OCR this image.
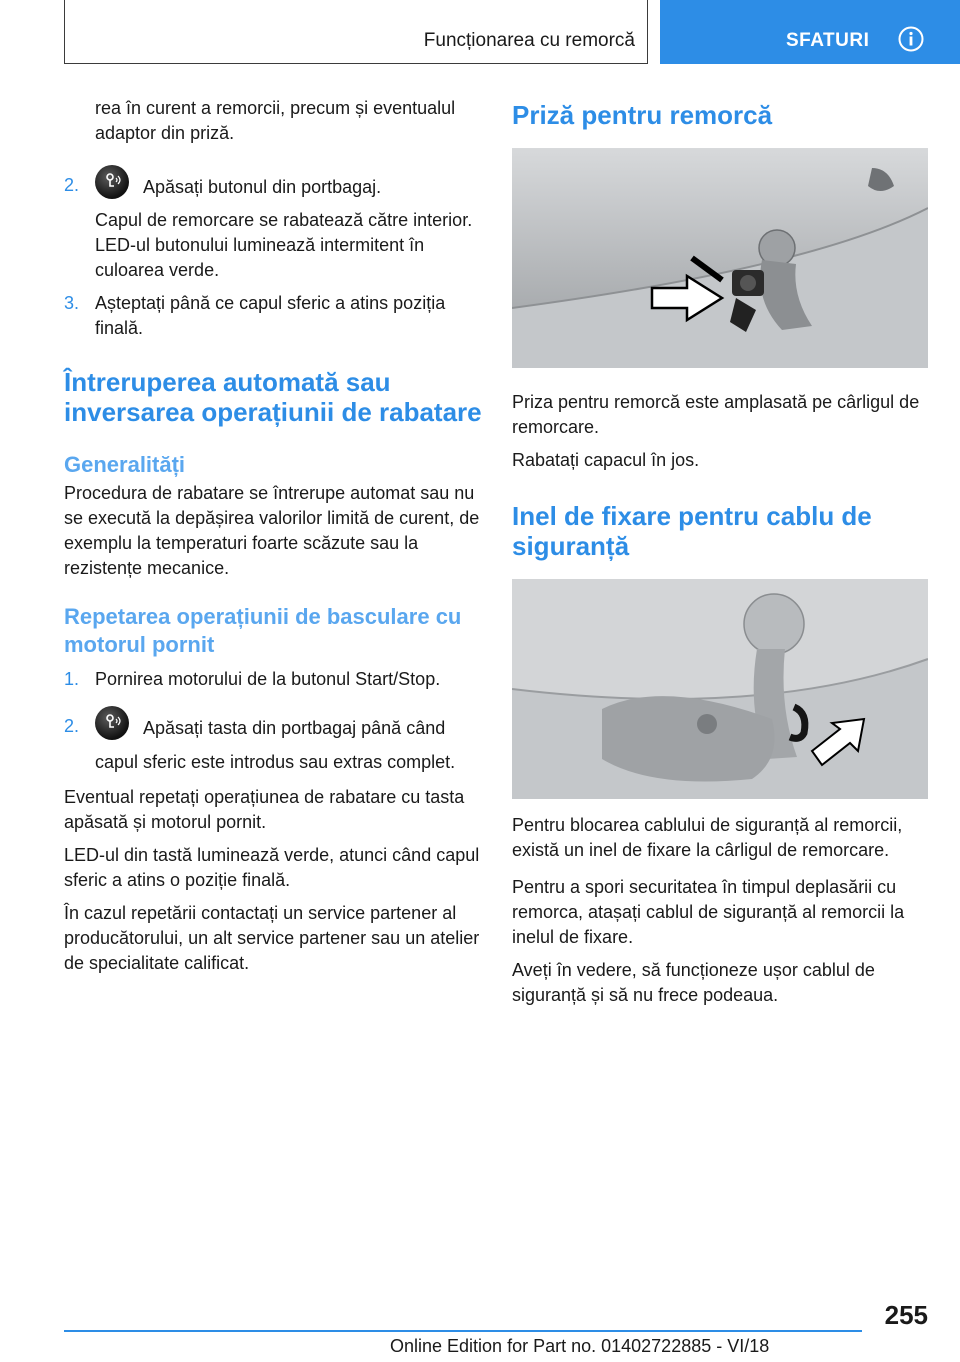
Funcționarea cu remorcă	SFATURI

rea în curent a remorcii, precum și eventualul adaptor din priză.

2.	Apăsați butonul din portbagaj.

Capul de remorcare se rabatează către interior. LED-ul butonului luminează intermitent în culoarea verde.

3. Așteptați până ce capul sferic a atins poziția finală.

Întreruperea automată sau inversarea operațiunii de rabatare
Generalități

Procedura de rabatare se întrerupe automat sau nu se execută la depășirea valorilor limită de curent, de exemplu la temperaturi foarte scăzute sau la rezistențe mecanice.

Repetarea operațiunii de basculare cu motorul pornit
1. Pornirea motorului de la butonul Start/Stop.

2.	Apăsați tasta din portbagaj până când capul sferic este introdus sau extras complet.

Eventual repetați operațiunea de rabatare cu tasta apăsată și motorul pornit.

LED-ul din tastă luminează verde, atunci când capul sferic a atins o poziție finală.

În cazul repetării contactați un service partener al producătorului, un alt service partener sau un atelier de specialitate calificat.

Priză pentru remorcă

Priza pentru remorcă este amplasată pe cârligul de remorcare.

Rabatați capacul în jos.

Inel de fixare pentru cablu de siguranță

Pentru blocarea cablului de siguranță al remorcii, există un inel de fixare la cârligul de remorcare.

Pentru a spori securitatea în timpul deplasării cu remorca, atașați cablul de siguranță al remorcii la inelul de fixare.

Aveți în vedere, să funcționeze ușor cablul de siguranță și să nu frece podeaua.

255
Online Edition for Part no. 01402722885 - VI/18
